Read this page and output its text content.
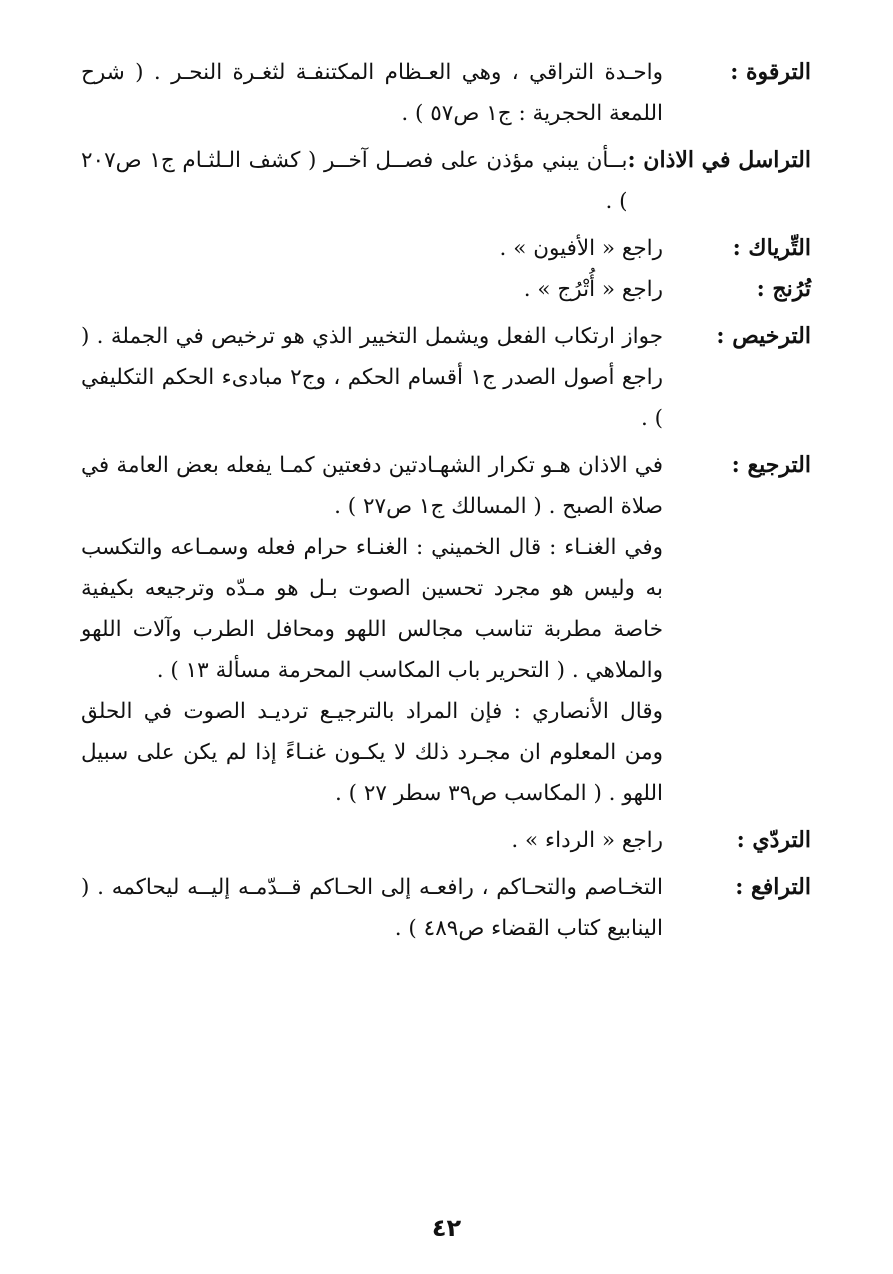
الترقوة :

واحـدة التراقي ، وهي العـظام المكتنفـة لثغـرة النحـر . ( شرح اللمعة الحجرية : ج١ ص٥٧ ) .

التراسل في الاذان :

بــأن يبني مؤذن على فصــل آخــر ( كشف الـلثـام ج١ ص٢٠٧ ) .

التِّرياك :

راجع « الأفيون » .

تُرُنج :

راجع « أُتْرُج » .

الترخيص :

جواز ارتكاب الفعل ويشمل التخيير الذي هو ترخيص في الجملة . ( راجع أصول الصدر ج١ أقسام الحكم ، وج٢ مبادىء الحكم التكليفي ) .

الترجيع :

في الاذان هـو تكرار الشهـادتين دفعتين كمـا يفعله بعض العامة في صلاة الصبح . ( المسالك ج١ ص٢٧ ) .

وفي الغنـاء : قال الخميني : الغنـاء حرام فعله وسمـاعه والتكسب به وليس هو مجرد تحسين الصوت بـل هو مـدّه وترجيعه بكيفية خاصة مطربة تناسب مجالس اللهو ومحافل الطرب وآلات اللهو والملاهي . ( التحرير باب المكاسب المحرمة مسألة ١٣ ) .

وقال الأنصاري : فإن المراد بالترجيـع ترديـد الصوت في الحلق ومن المعلوم ان مجـرد ذلك لا يكـون غنـاءً إذا لم يكن على سبيل اللهو . ( المكاسب ص٣٩ سطر ٢٧ ) .

التردّي :

راجع « الرداء » .

الترافع :

التخـاصم والتحـاكم ، رافعـه إلى الحـاكم قــدّمـه إليــه ليحاكمه . ( الينابيع كتاب القضاء ص٤٨٩ ) .

٤٢
